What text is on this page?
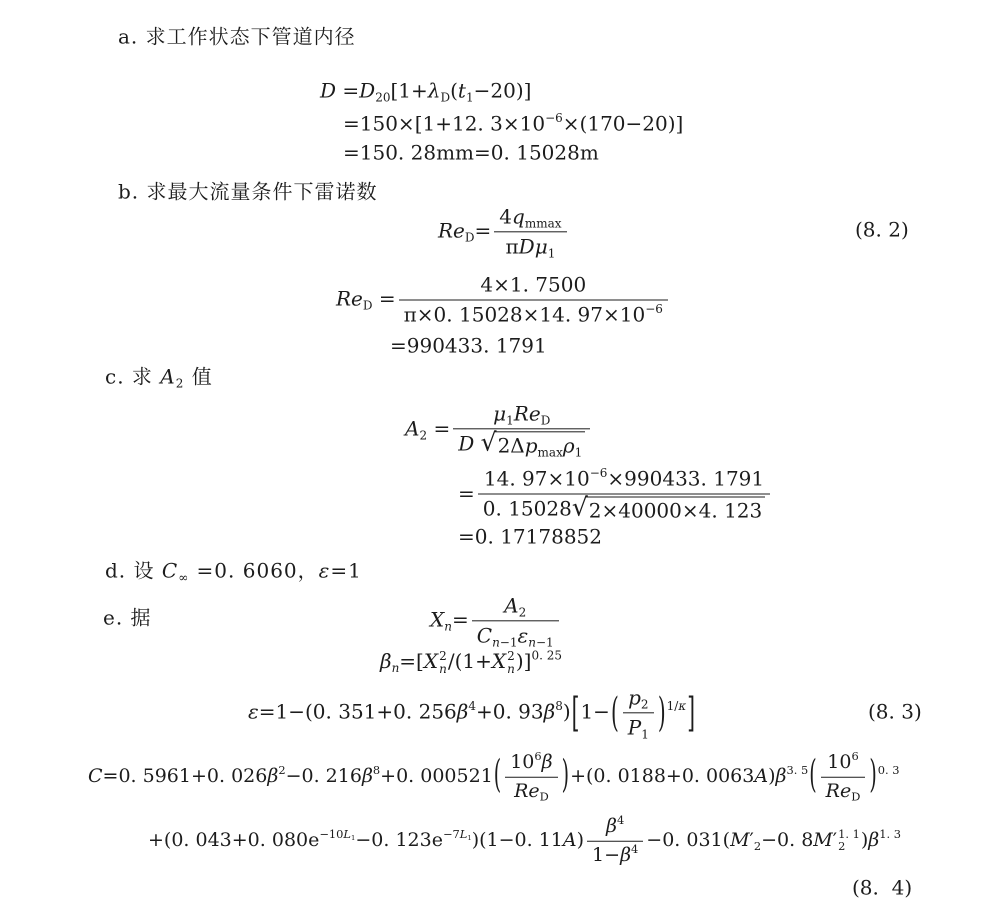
a. 求工作状态下管道内径
$D =D_{20}[1+\lambda_D(t_1-20)]$
=150×[1+12. $3\times 10^{-6}\times(170-20)$]
=150. 28mm=0. 15028m
b. 求最大流量条件下雷诺数
$Re_D= \frac{4q_{mmax}}{\pi D\mu_1}$	(8. 2)
$Re_D = \frac{4\times 1. 7500}{\pi\times 0. 15028\times 14. 97\times 10^{-6}}$
=990433. 1791
c. 求 $A_2$ 值
$A_2 = \frac{\mu_1Re_D}{D √ 2\Delta p_{max}\rho_1}$
= $\frac{14. 97\times 10^{-6}\times 990433. 1791}{0. 15028 √ 2\times 40000\times 4. 123}$
=0. 17178852
d. 设 $C_\infty =0$. 6060，ε=1
e. 据	$X_n= \frac{A_2}{C_{n-1}\varepsilon_{n-1}}$
$\beta_n=[X$ 2
n /(1+X 2
n )]$^{0. 25}$
ε=1−(0. 351+0. $256\beta^4+0$. $93\beta^8)[1-( \frac{p_2}{P_1} )^{1/\kappa}]$	(8. 3)
C=0. 5961+0. $026\beta^2-0$. $216\beta^8+0$. $000521( \frac{10^6\beta}{Re_D} )+(0$. 0188+0. $0063A)\beta^{3. 5}( \frac{10^6}{Re_D} )^{0. 3}$
+(0. 043+0. $080e^{-10L_1}-0$. $123e^{-7L_1})(1-0$. $11A) \frac{\beta^4}{1-\beta^4} -0$. $031(M'_2-0$. 8M′ 1. 1
2 )$\beta^{1. 3}$
(8.  4)
